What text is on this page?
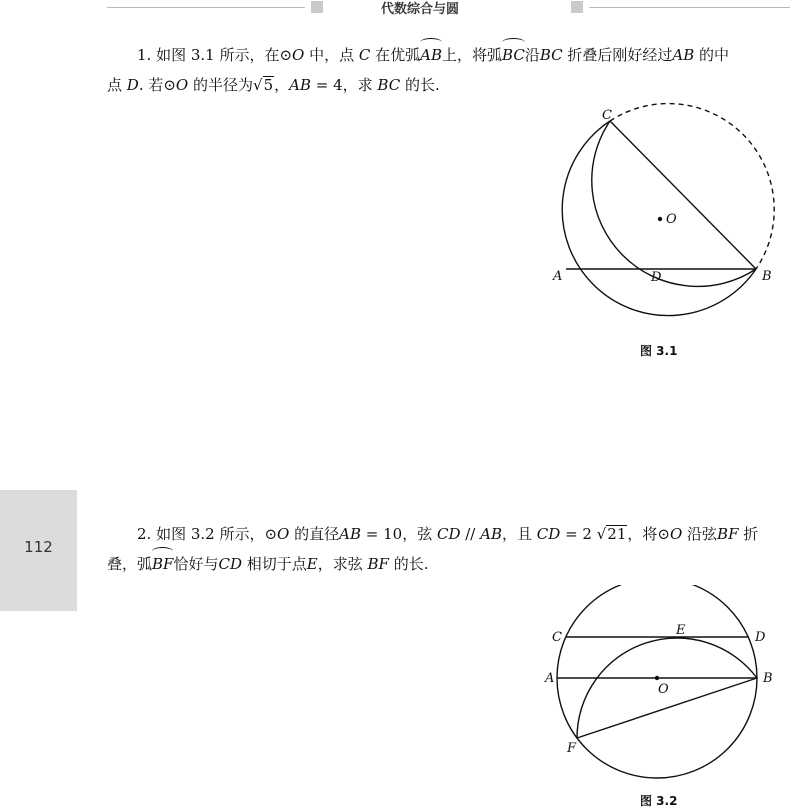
代数综合与圆
112
1. 如图 3.1 所示，在⊙O 中，点 C 在优弧AB上，将弧BC沿BC 折叠后刚好经过AB 的中
点 D. 若⊙O 的半径为√5，AB = 4，求 BC 的长.
C
O
A	D	B
图 3.1
2. 如图 3.2 所示，⊙O 的直径AB = 10，弦 CD // AB，且 CD = 2 √21，将⊙O 沿弦BF 折
叠，弧BF恰好与CD 相切于点E，求弦 BF 的长.
C	E	D
A
O
B
F
图 3.2
